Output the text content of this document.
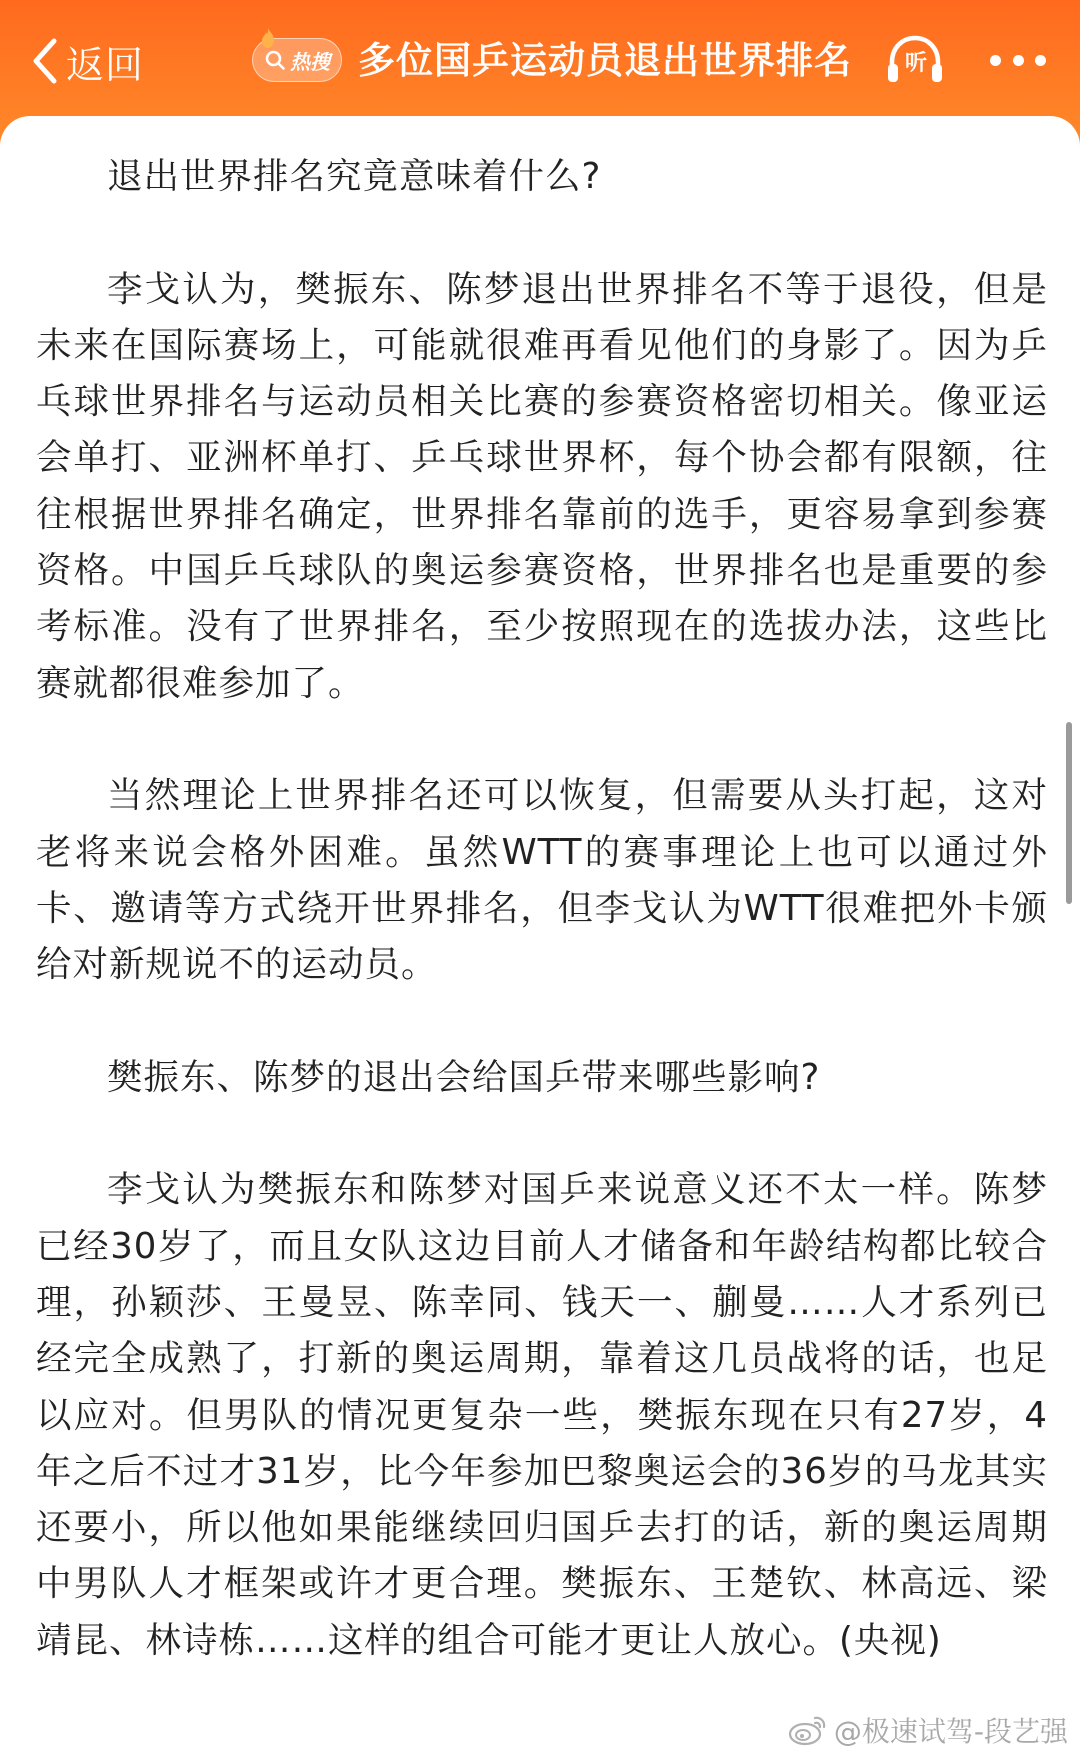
返回	热搜 多位国乒运动员退出世界排名 听

退出世界排名究竟意味着什么?

李戈认为，樊振东、陈梦退出世界排名不等于退役，但是未来在国际赛场上，可能就很难再看见他们的身影了。因为乒乓球世界排名与运动员相关比赛的参赛资格密切相关。像亚运会单打、亚洲杯单打、乒乓球世界杯，每个协会都有限额，往往根据世界排名确定，世界排名靠前的选手，更容易拿到参赛资格。中国乒乓球队的奥运参赛资格，世界排名也是重要的参考标准。没有了世界排名，至少按照现在的选拔办法，这些比赛就都很难参加了。

当然理论上世界排名还可以恢复，但需要从头打起，这对老将来说会格外困难。虽然WTT的赛事理论上也可以通过外卡、邀请等方式绕开世界排名，但李戈认为WTT很难把外卡颁给对新规说不的运动员。

樊振东、陈梦的退出会给国乒带来哪些影响?

李戈认为樊振东和陈梦对国乒来说意义还不太一样。陈梦已经30岁了，而且女队这边目前人才储备和年龄结构都比较合理，孙颖莎、王曼昱、陈幸同、钱天一、蒯曼……人才系列已经完全成熟了，打新的奥运周期，靠着这几员战将的话，也足以应对。但男队的情况更复杂一些，樊振东现在只有27岁，4年之后不过才31岁，比今年参加巴黎奥运会的36岁的马龙其实还要小，所以他如果能继续回归国乒去打的话，新的奥运周期中男队人才框架或许才更合理。樊振东、王楚钦、林高远、梁靖昆、林诗栋……这样的组合可能才更让人放心。(央视)

@极速试驾-段艺强
